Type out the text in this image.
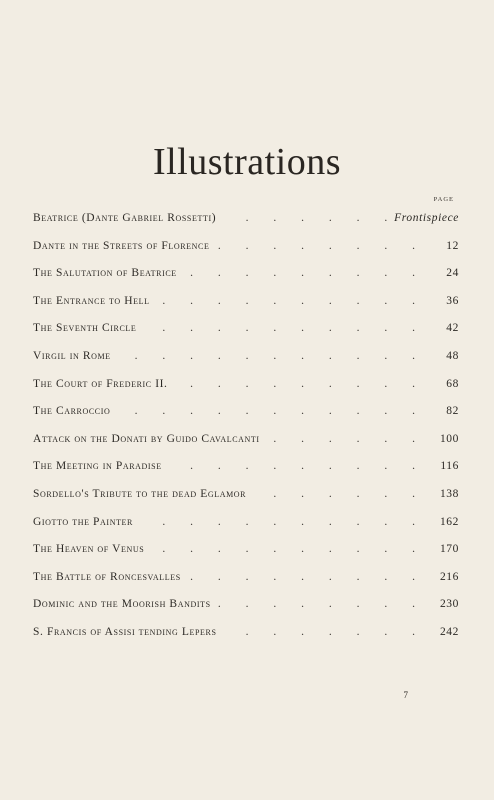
Illustrations
PAGE
. . .
Beatrice (Dante Gabriel Rossetti)	Frontispiece
. . .
Dante in the Streets of Florence	12
. . .
The Salutation of Beatrice	24
. . .
The Entrance to Hell	36
. . .
The Seventh Circle	42
. . .
Virgil in Rome	48
. . .
The Court of Frederic II.	68
. . .
The Carroccio	82
. . .
Attack on the Donati by Guido Cavalcanti	100
. . .
The Meeting in Paradise	116
. . .
Sordello's Tribute to the dead Eglamor	138
. . .
Giotto the Painter	162
. . .
The Heaven of Venus	170
. . .
The Battle of Roncesvalles	216
. . .
Dominic and the Moorish Bandits	230
. . .
S. Francis of Assisi tending Lepers	242
7
